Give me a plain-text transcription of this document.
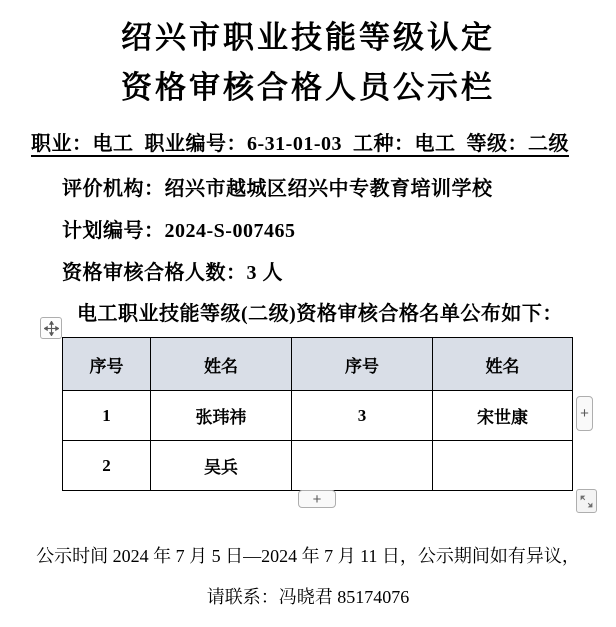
绍兴市职业技能等级认定
资格审核合格人员公示栏
职业：电工  职业编号：6-31-01-03  工种：电工  等级：二级
评价机构：绍兴市越城区绍兴中专教育培训学校
计划编号：2024-S-007465
资格审核合格人数：3 人
电工职业技能等级(二级)资格审核合格名单公布如下：
序号	姓名	序号	姓名
1	张玮祎	3	宋世康
2	吴兵		
+
+
公示时间 2024 年 7 月 5 日—2024 年 7 月 11 日，公示期间如有异议，
请联系：冯晓君 85174076
